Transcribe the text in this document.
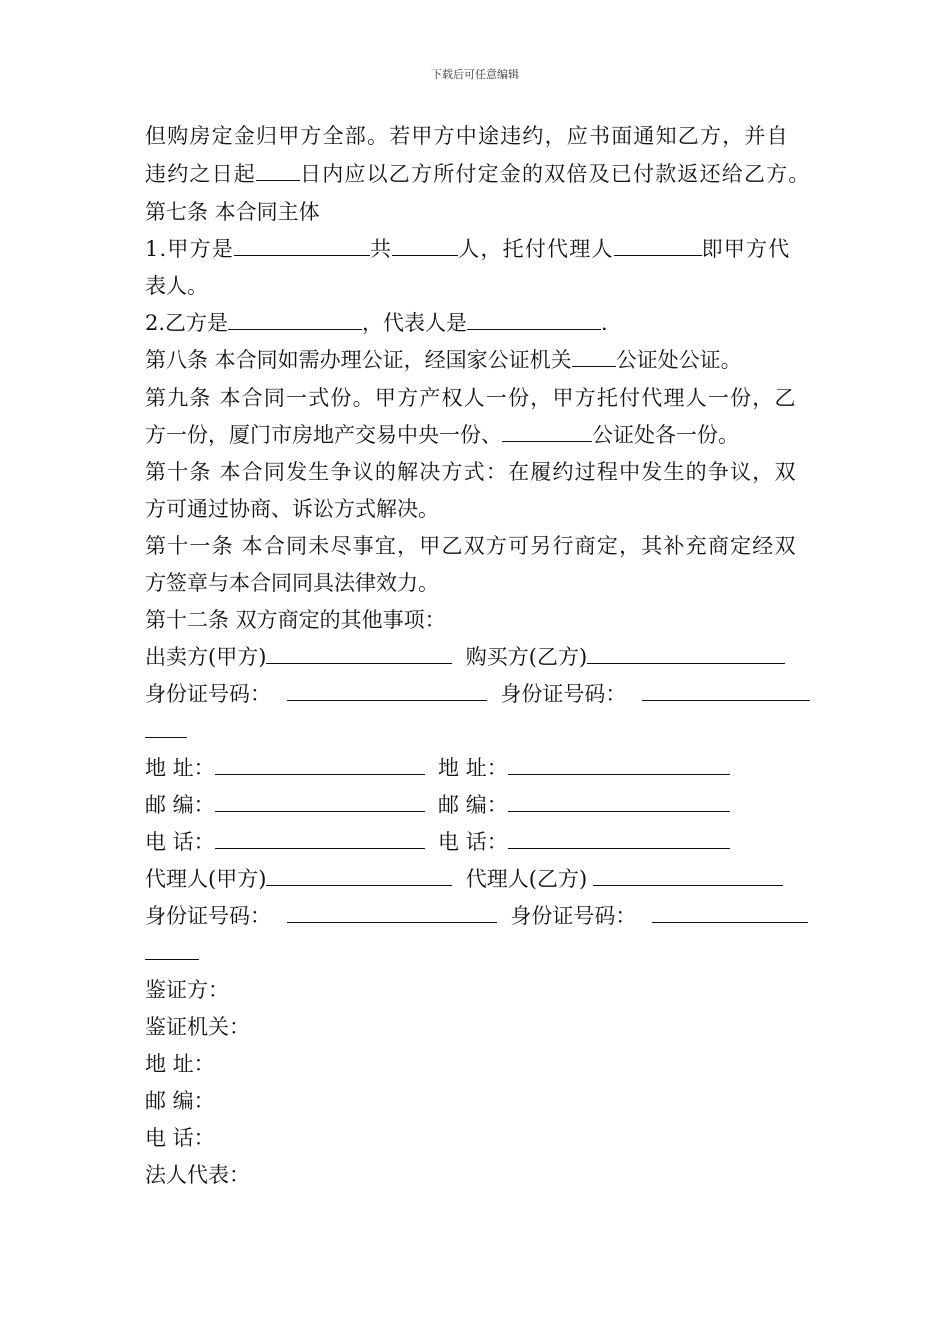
下载后可任意编辑
但购房定金归甲方全部。若甲方中途违约，应书面通知乙方，并自
违约之日起 日内应以乙方所付定金的双倍及已付款返还给乙方。
第七条 本合同主体
1.甲方是	共	人，托付代理人	即甲方代
表人。
2.乙方是	，代表人是	.
第八条 本合同如需办理公证，经国家公证机关 公证处公证。
第九条 本合同一式份。甲方产权人一份，甲方托付代理人一份，乙
方一份，厦门市房地产交易中央一份、	公证处各一份。
第十条 本合同发生争议的解决方式：在履约过程中发生的争议，双
方可通过协商、诉讼方式解决。
第十一条 本合同未尽事宜，甲乙双方可另行商定，其补充商定经双
方签章与本合同同具法律效力。
第十二条 双方商定的其他事项：
出卖方(甲方)	购买方(乙方)
身份证号码：	身份证号码：
地 址：	地 址：
邮 编：	邮 编：
电 话：	电 话：
代理人(甲方)	代理人(乙方)
身份证号码：	身份证号码：
鉴证方：
鉴证机关：
地 址：
邮 编：
电 话：
法人代表：
